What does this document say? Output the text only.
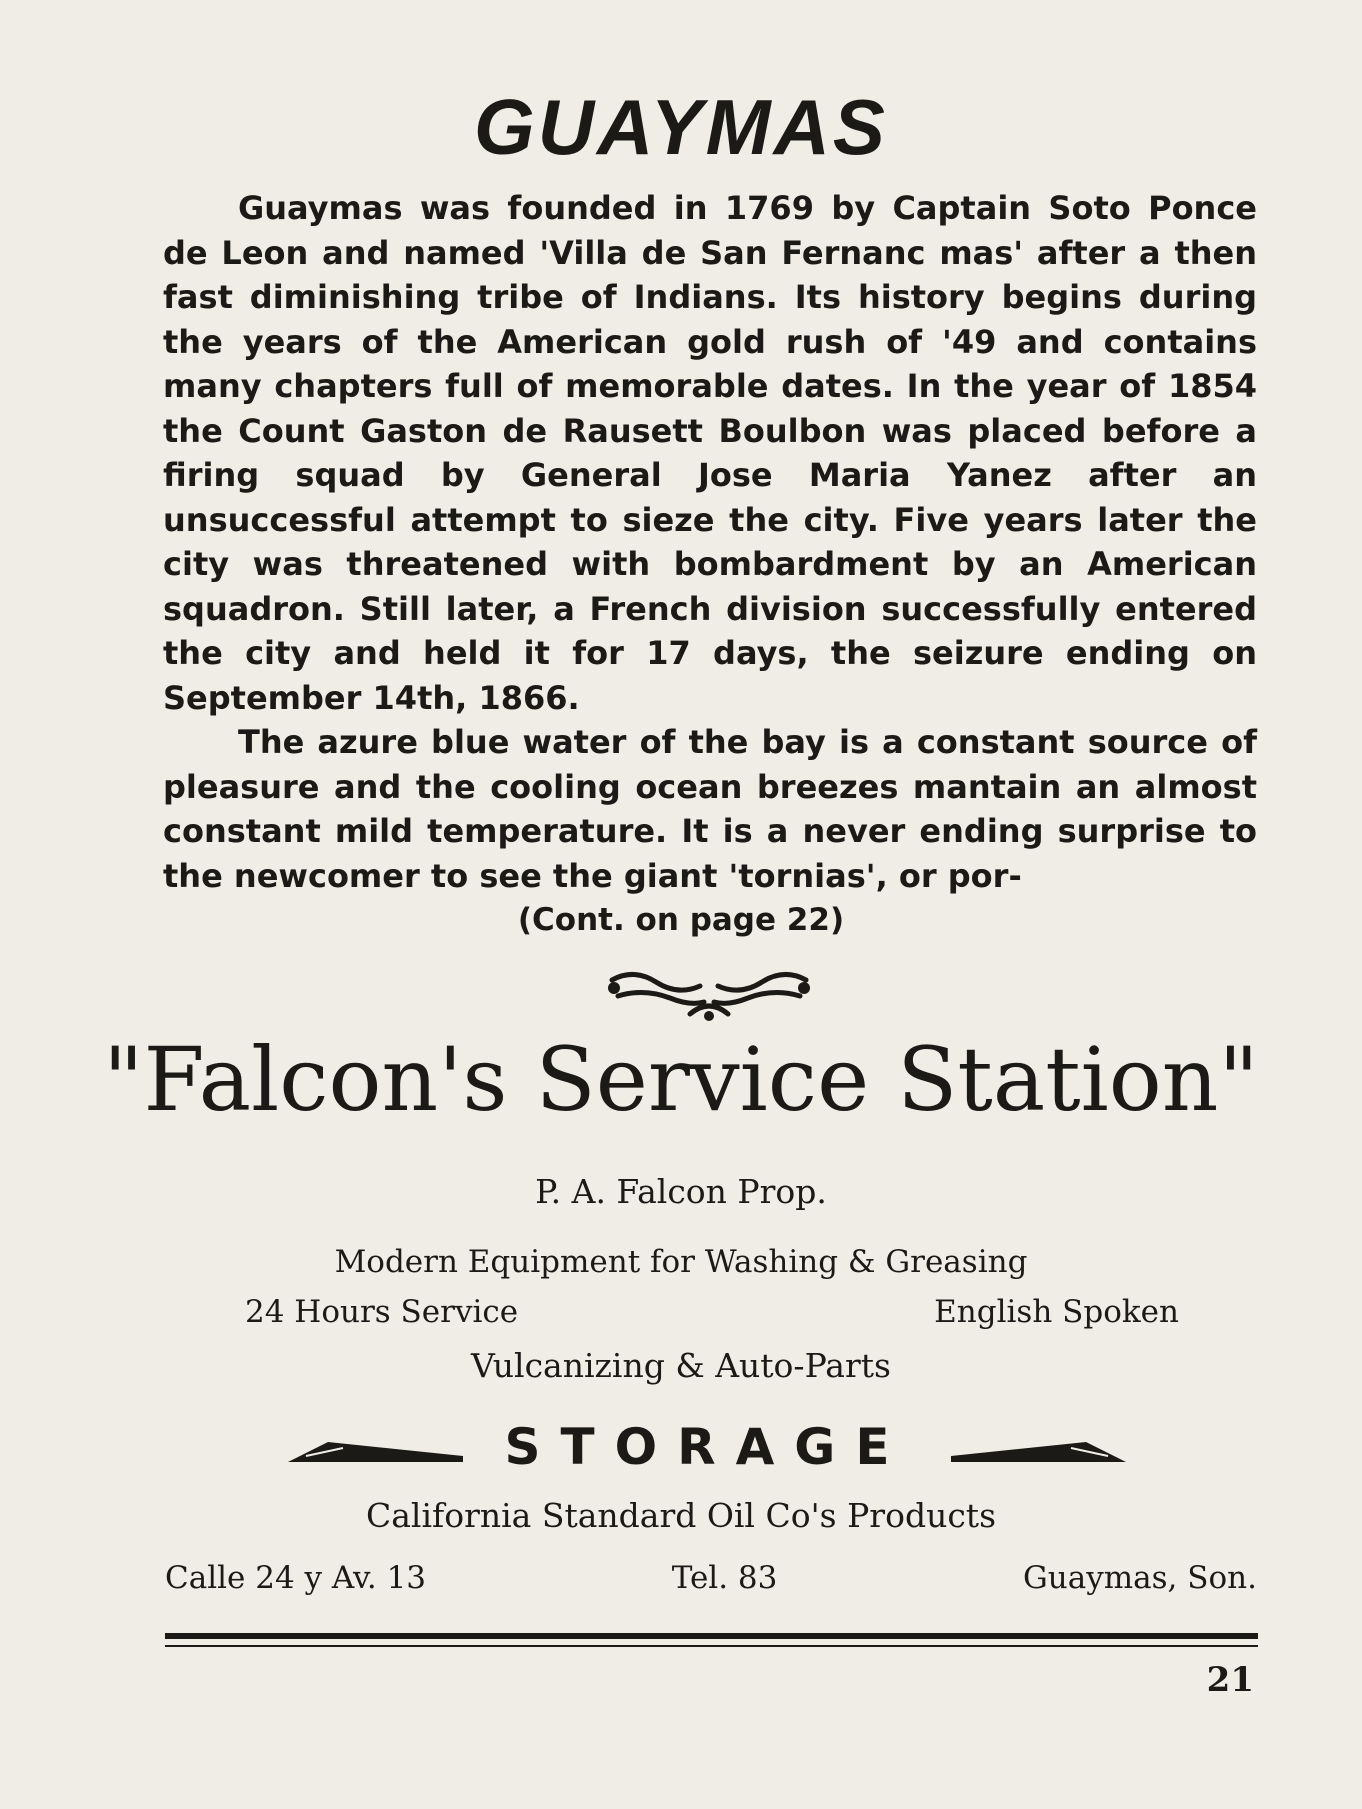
GUAYMAS

Guaymas was founded in 1769 by Captain Soto Ponce de Leon and named 'Villa de San Fernanc mas' after a then fast diminishing tribe of Indians. Its history begins during the years of the American gold rush of '49 and contains many chapters full of memorable dates. In the year of 1854 the Count Gaston de Rausett Boulbon was placed before a firing squad by General Jose Maria Yanez after an unsuccessful attempt to sieze the city. Five years later the city was threatened with bombardment by an American squadron. Still later, a French division successfully entered the city and held it for 17 days, the seizure ending on September 14th, 1866.

The azure blue water of the bay is a constant source of pleasure and the cooling ocean breezes mantain an almost constant mild temperature. It is a never ending surprise to the newcomer to see the giant 'tornias', or por-

(Cont. on page 22)
"Falcon's Service Station"
P. A. Falcon Prop.
Modern Equipment for Washing & Greasing
24 Hours Service	English Spoken
Vulcanizing & Auto-Parts
STORAGE
California Standard Oil Co's Products
Calle 24 y Av. 13	Tel. 83	Guaymas, Son.
21
